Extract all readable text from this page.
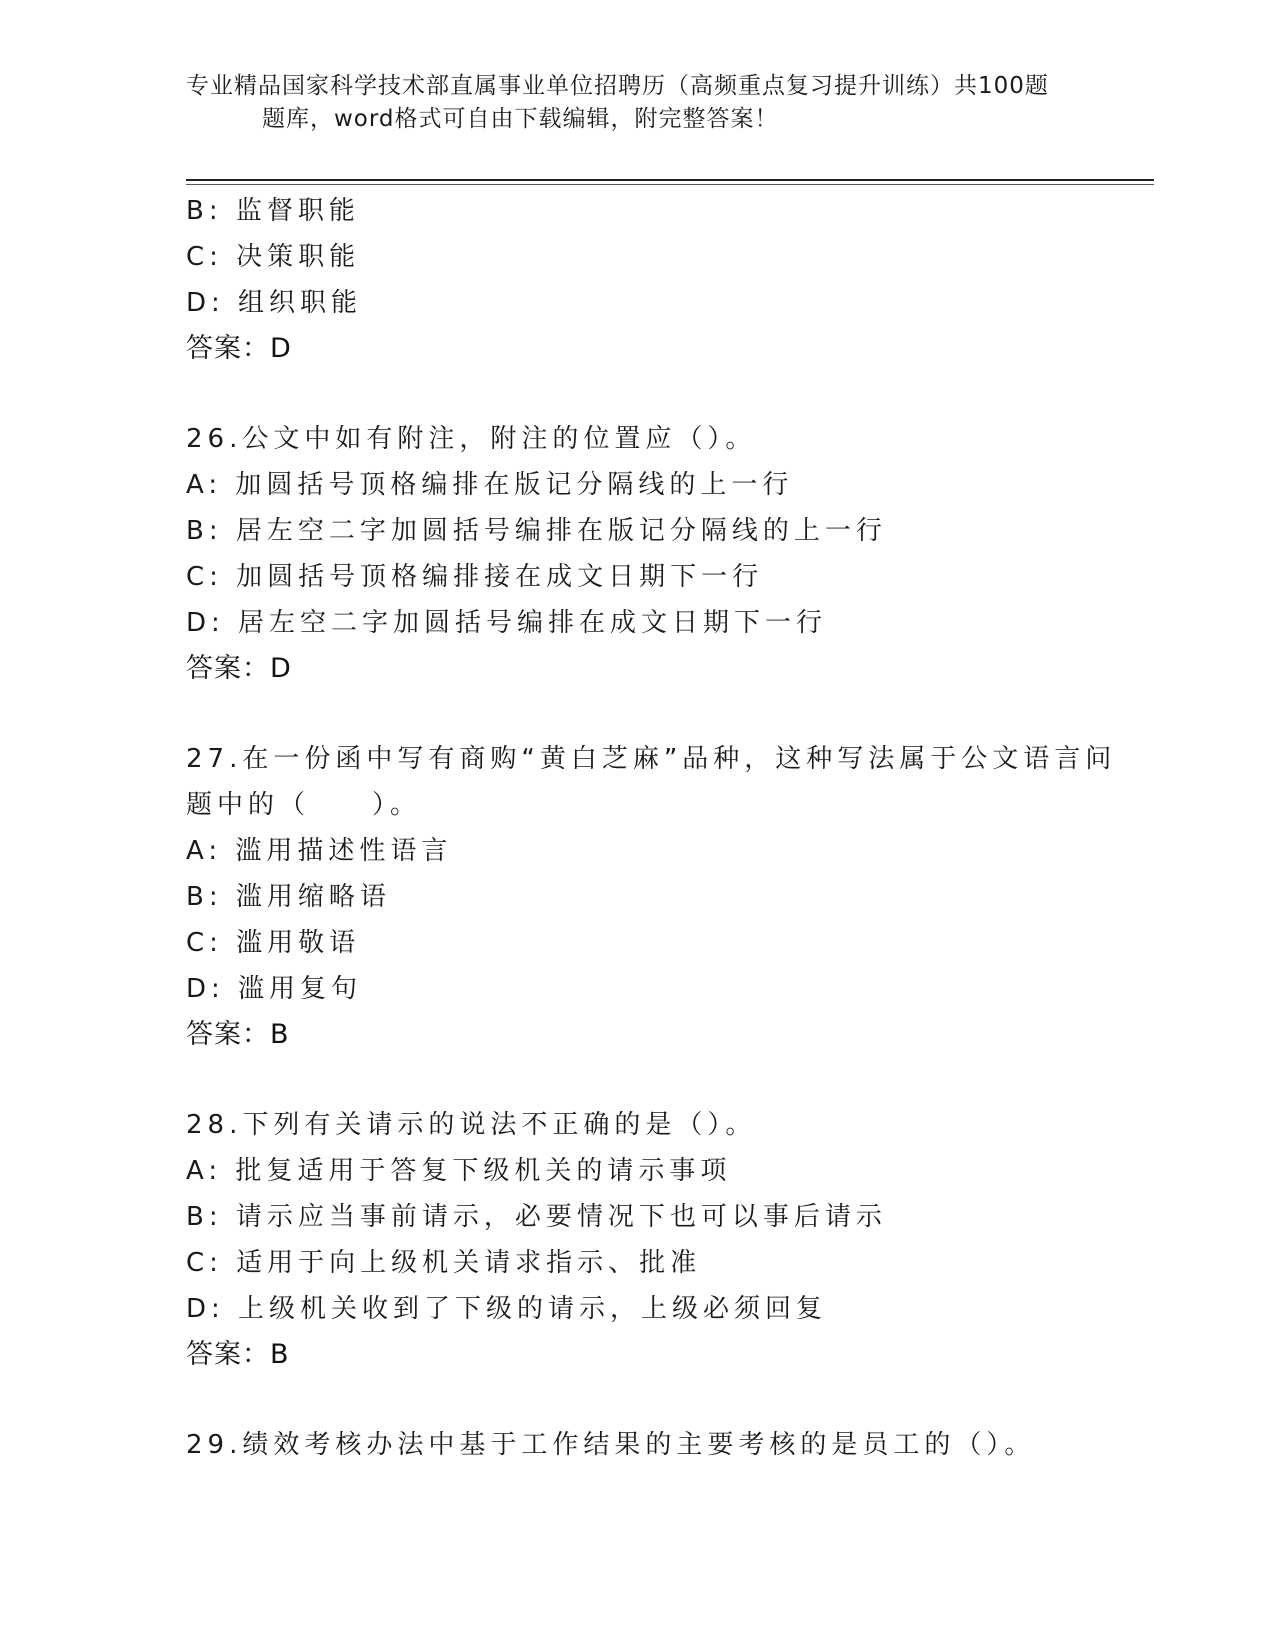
专业精品国家科学技术部直属事业单位招聘历（高频重点复习提升训练）共100题
题库，word格式可自由下载编辑，附完整答案！
B: 监督职能
C: 决策职能
D: 组织职能
答案：D
26.公文中如有附注，附注的位置应（）。
A: 加圆括号顶格编排在版记分隔线的上一行
B: 居左空二字加圆括号编排在版记分隔线的上一行
C: 加圆括号顶格编排接在成文日期下一行
D: 居左空二字加圆括号编排在成文日期下一行
答案：D
27.在一份函中写有商购“黄白芝麻”品种，这种写法属于公文语言问
题中的（　　）。
A: 滥用描述性语言
B: 滥用缩略语
C: 滥用敬语
D: 滥用复句
答案：B
28.下列有关请示的说法不正确的是（）。
A: 批复适用于答复下级机关的请示事项
B: 请示应当事前请示，必要情况下也可以事后请示
C: 适用于向上级机关请求指示、批准
D: 上级机关收到了下级的请示，上级必须回复
答案：B
29.绩效考核办法中基于工作结果的主要考核的是员工的（）。
